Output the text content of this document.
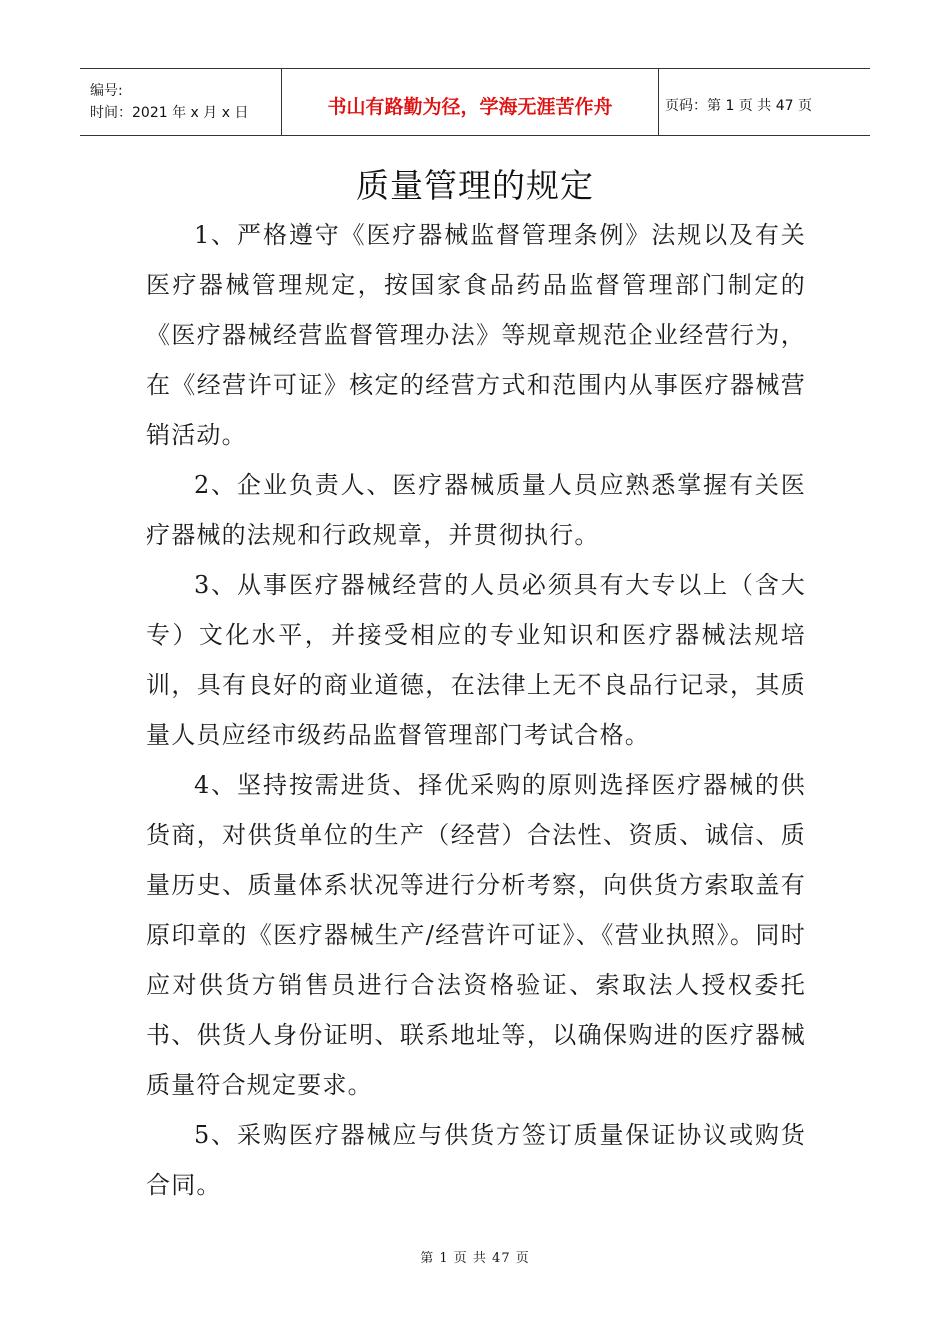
编号:
时间：2021 年 x 月 x 日	书山有路勤为径，学海无涯苦作舟	页码：第 1 页 共 47 页
质量管理的规定

1、严格遵守《医疗器械监督管理条例》法规以及有关医疗器械管理规定，按国家食品药品监督管理部门制定的《医疗器械经营监督管理办法》等规章规范企业经营行为，在《经营许可证》核定的经营方式和范围内从事医疗器械营销活动。

2、企业负责人、医疗器械质量人员应熟悉掌握有关医疗器械的法规和行政规章，并贯彻执行。

3、从事医疗器械经营的人员必须具有大专以上（含大专）文化水平，并接受相应的专业知识和医疗器械法规培训，具有良好的商业道德，在法律上无不良品行记录，其质量人员应经市级药品监督管理部门考试合格。

4、坚持按需进货、择优采购的原则选择医疗器械的供货商，对供货单位的生产（经营）合法性、资质、诚信、质量历史、质量体系状况等进行分析考察，向供货方索取盖有原印章的《医疗器械生产/经营许可证》、《营业执照》。同时应对供货方销售员进行合法资格验证、索取法人授权委托书、供货人身份证明、联系地址等，以确保购进的医疗器械质量符合规定要求。

5、采购医疗器械应与供货方签订质量保证协议或购货合同。

第 1 页 共 47 页
